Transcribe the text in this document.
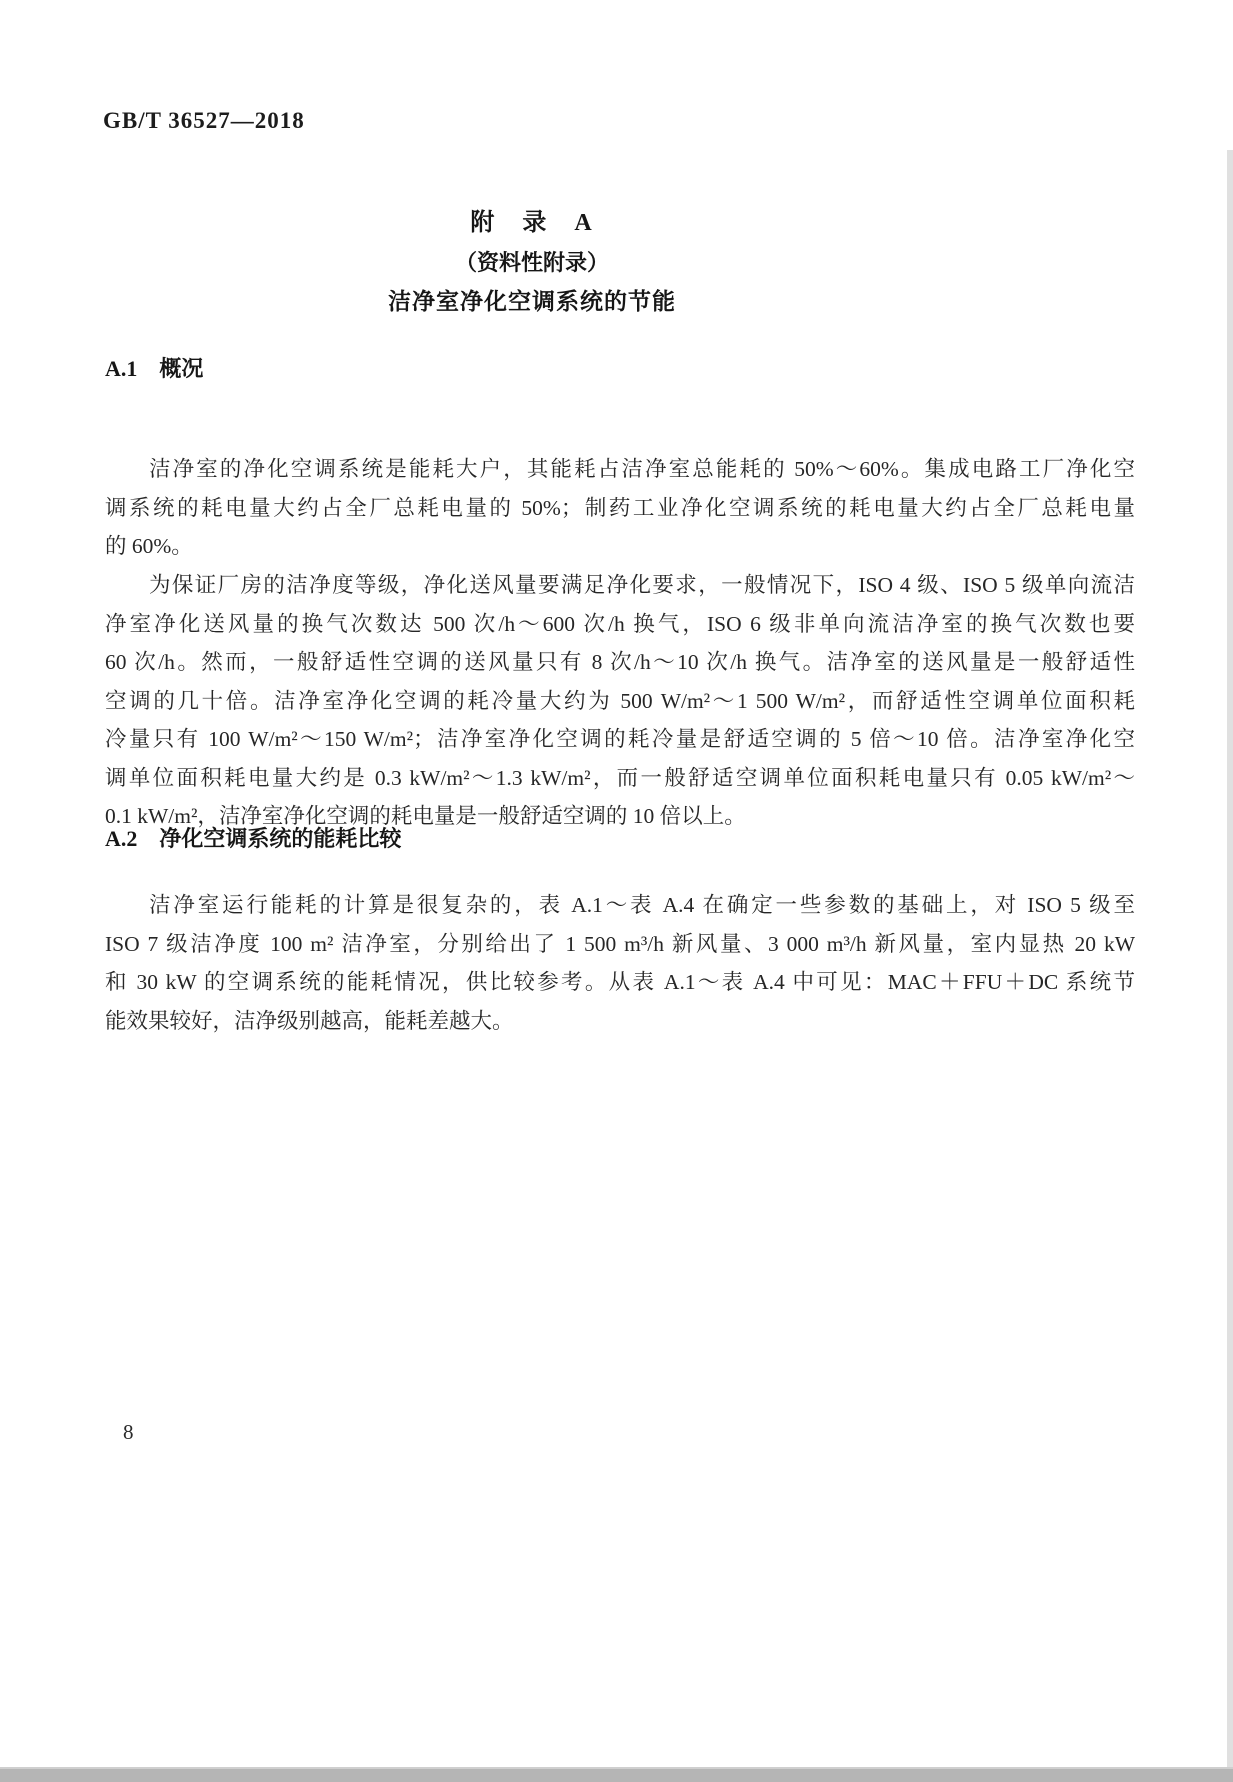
GB/T 36527—2018
附　录　A
（资料性附录）
洁净室净化空调系统的节能
A.1　概况
洁净室的净化空调系统是能耗大户，其能耗占洁净室总能耗的 50%～60%。集成电路工厂净化空
调系统的耗电量大约占全厂总耗电量的 50%；制药工业净化空调系统的耗电量大约占全厂总耗电量
的 60%。
为保证厂房的洁净度等级，净化送风量要满足净化要求，一般情况下，ISO 4 级、ISO 5 级单向流洁
净室净化送风量的换气次数达 500 次/h～600 次/h 换气，ISO 6 级非单向流洁净室的换气次数也要
60 次/h。然而，一般舒适性空调的送风量只有 8 次/h～10 次/h 换气。洁净室的送风量是一般舒适性
空调的几十倍。洁净室净化空调的耗冷量大约为 500 W/m²～1 500 W/m²，而舒适性空调单位面积耗
冷量只有 100 W/m²～150 W/m²；洁净室净化空调的耗冷量是舒适空调的 5 倍～10 倍。洁净室净化空
调单位面积耗电量大约是 0.3 kW/m²～1.3 kW/m²，而一般舒适空调单位面积耗电量只有 0.05 kW/m²～
0.1 kW/m²，洁净室净化空调的耗电量是一般舒适空调的 10 倍以上。
A.2　净化空调系统的能耗比较
洁净室运行能耗的计算是很复杂的，表 A.1～表 A.4 在确定一些参数的基础上，对 ISO 5 级至
ISO 7 级洁净度 100 m² 洁净室，分别给出了 1 500 m³/h 新风量、3 000 m³/h 新风量，室内显热 20 kW
和 30 kW 的空调系统的能耗情况，供比较参考。从表 A.1～表 A.4 中可见：MAC＋FFU＋DC 系统节
能效果较好，洁净级别越高，能耗差越大。
8
